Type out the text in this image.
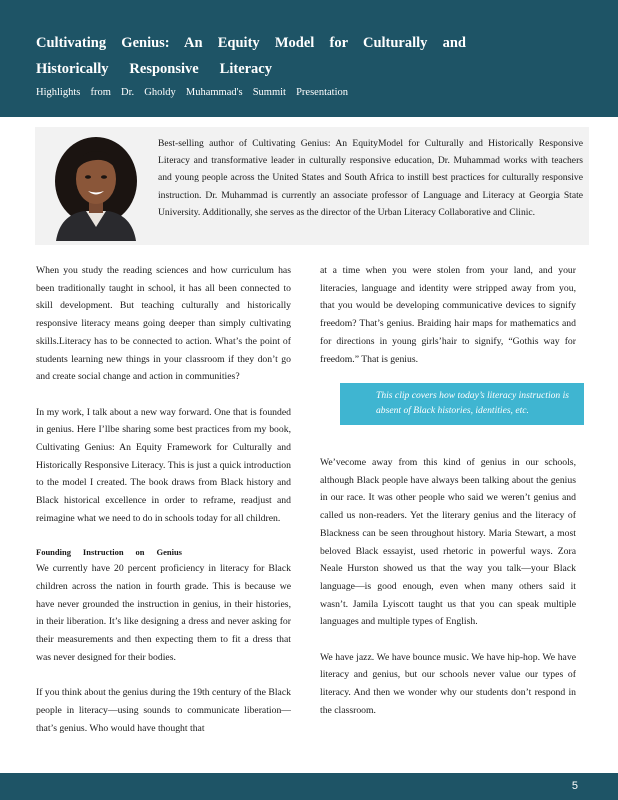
Cultivating Genius: An Equity Model for Culturally and
Historically Responsive Literacy
Highlights from Dr. Gholdy Muhammad's Summit Presentation
Best-selling author of Cultivating Genius: An EquityModel for Culturally and Historically Responsive Literacy and transformative leader in culturally responsive education, Dr. Muhammad works with teachers and young people across the United States and South Africa to instill best practices for culturally responsive instruction. Dr. Muhammad is currently an associate professor of Language and Literacy at Georgia State University. Additionally, she serves as the director of the Urban Literacy Collaborative and Clinic.

When you study the reading sciences and how curriculum has been traditionally taught in school, it has all been connected to skill development. But teaching culturally and historically responsive literacy means going deeper than simply cultivating skills.Literacy has to be connected to action. What’s the point of students learning new things in your classroom if they don’t go and create social change and action in communities?

In my work, I talk about a new way forward. One that is founded in genius. Here I’llbe sharing some best practices from my book, Cultivating Genius: An Equity Framework for Culturally and Historically Responsive Literacy. This is just a quick introduction to the model I created. The book draws from Black history and Black historical excellence in order to reframe, readjust and reimagine what we need to do in schools today for all children.

Founding Instruction on Genius

We currently have 20 percent proficiency in literacy for Black children across the nation in fourth grade. This is because we have never grounded the instruction in genius, in their histories, in their liberation. It’s like designing a dress and never asking for their measurements and then expecting them to fit a dress that was never designed for their bodies.

If you think about the genius during the 19th century of the Black people in literacy—using sounds to communicate liberation—that’s genius. Who would have thought that

at a time when you were stolen from your land, and your literacies, language and identity were stripped away from you, that you would be developing communicative devices to signify freedom? That’s genius. Braiding hair maps for mathematics and for directions in young girls’hair to signify, “Gothis way for freedom.” That is genius.

This clip covers how today’s literacy instruction is absent of Black histories, identities, etc.

We’vecome away from this kind of genius in our schools, although Black people have always been talking about the genius in our race. It was other people who said we weren’t genius and called us non-readers. Yet the literary genius and the literacy of Blackness can be seen throughout history. Maria Stewart, a most beloved Black essayist, used rhetoric in powerful ways. Zora Neale Hurston showed us that the way you talk—your Black language—is good enough, even when many others said it wasn’t. Jamila Lyiscott taught us that you can speak multiple languages and multiple types of English.

We have jazz. We have bounce music. We have hip-hop. We have literacy and genius, but our schools never value our types of literacy. And then we wonder why our students don’t respond in the classroom.

5
